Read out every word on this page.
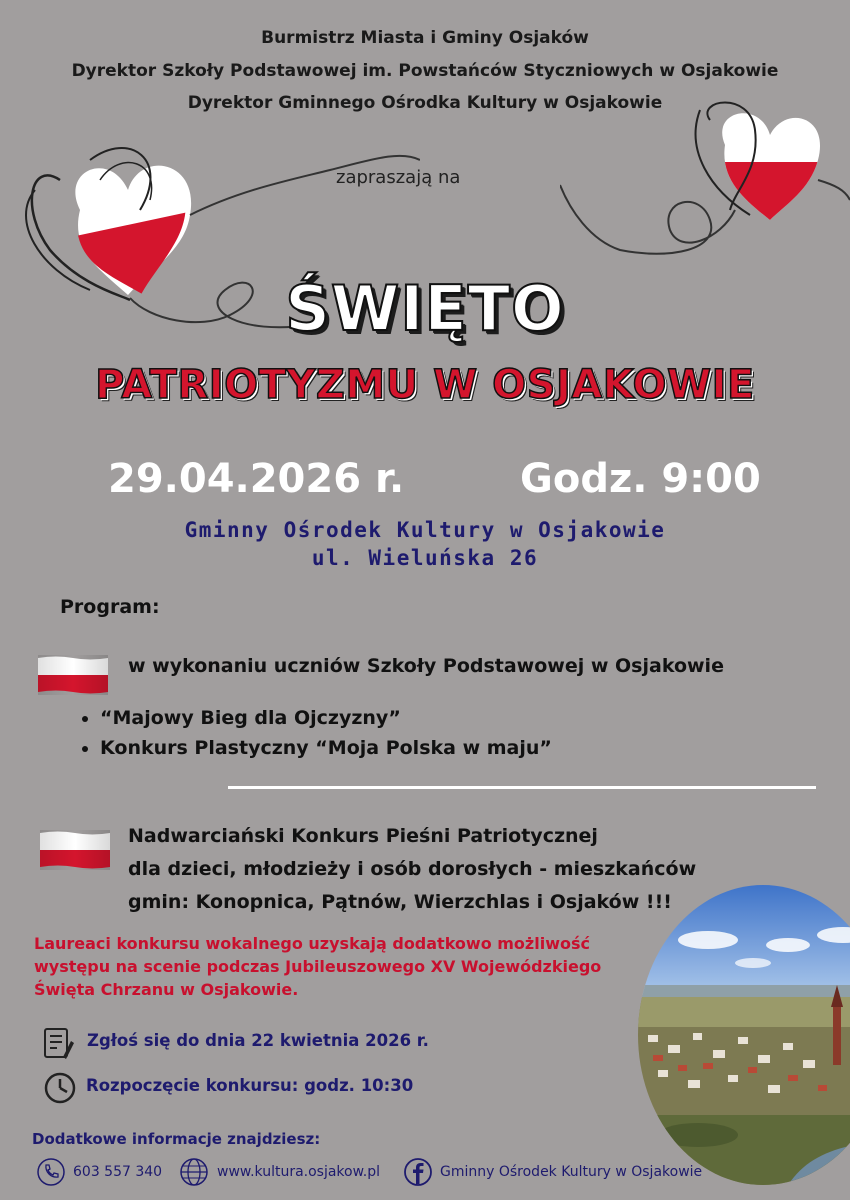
Burmistrz Miasta i Gminy Osjaków
Dyrektor Szkoły Podstawowej im. Powstańców Styczniowych w Osjakowie
Dyrektor Gminnego Ośrodka Kultury w Osjakowie
zapraszają na
ŚWIĘTO
PATRIOTYZMU W OSJAKOWIE
29.04.2026 r.	Godz. 9:00
Gminny Ośrodek Kultury w Osjakowie
ul. Wieluńska 26
Program:
w wykonaniu uczniów Szkoły Podstawowej w Osjakowie
• “Majowy Bieg dla Ojczyzny”
• Konkurs Plastyczny “Moja Polska w maju”
Nadwarciański Konkurs Pieśni Patriotycznej
dla dzieci, młodzieży i osób dorosłych - mieszkańców
gmin: Konopnica, Pątnów, Wierzchlas i Osjaków !!!
Laureaci konkursu wokalnego uzyskają dodatkowo możliwość
występu na scenie podczas Jubileuszowego XV Wojewódzkiego
Święta Chrzanu w Osjakowie.
Zgłoś się do dnia 22 kwietnia 2026 r.
Rozpoczęcie konkursu: godz. 10:30
Dodatkowe informacje znajdziesz:
603 557 340	www.kultura.osjakow.pl	Gminny Ośrodek Kultury w Osjakowie
